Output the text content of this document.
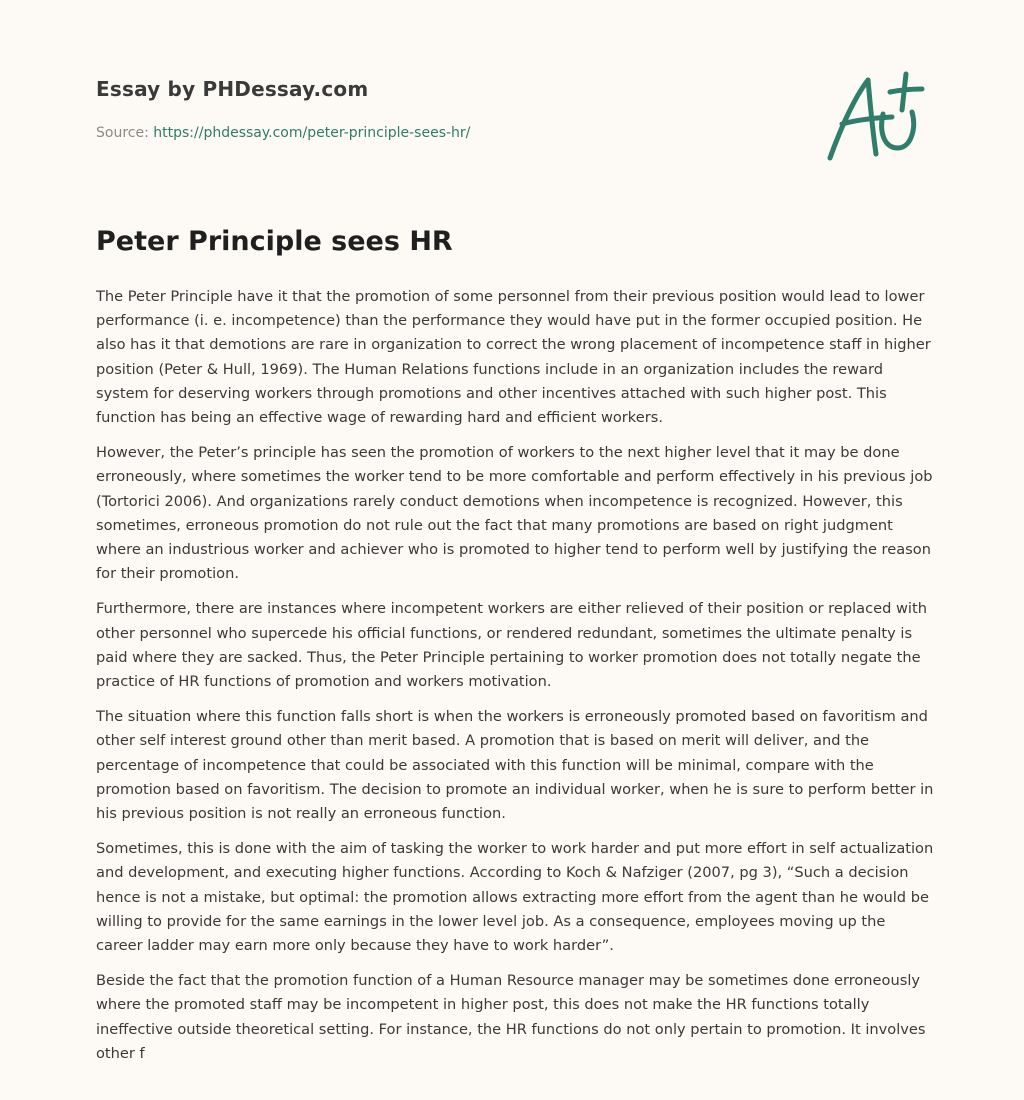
Essay by PHDessay.com

Source: https://phdessay.com/peter-principle-sees-hr/

Peter Principle sees HR

The Peter Principle have it that the promotion of some personnel from their previous position would lead to lower performance (i. e. incompetence) than the performance they would have put in the former occupied position. He also has it that demotions are rare in organization to correct the wrong placement of incompetence staff in higher position (Peter & Hull, 1969). The Human Relations functions include in an organization includes the reward system for deserving workers through promotions and other incentives attached with such higher post. This function has being an effective wage of rewarding hard and efficient workers.

However, the Peter’s principle has seen the promotion of workers to the next higher level that it may be done erroneously, where sometimes the worker tend to be more comfortable and perform effectively in his previous job (Tortorici 2006). And organizations rarely conduct demotions when incompetence is recognized. However, this sometimes, erroneous promotion do not rule out the fact that many promotions are based on right judgment where an industrious worker and achiever who is promoted to higher tend to perform well by justifying the reason for their promotion.

Furthermore, there are instances where incompetent workers are either relieved of their position or replaced with other personnel who supercede his official functions, or rendered redundant, sometimes the ultimate penalty is paid where they are sacked. Thus, the Peter Principle pertaining to worker promotion does not totally negate the practice of HR functions of promotion and workers motivation.

The situation where this function falls short is when the workers is erroneously promoted based on favoritism and other self interest ground other than merit based. A promotion that is based on merit will deliver, and the percentage of incompetence that could be associated with this function will be minimal, compare with the promotion based on favoritism. The decision to promote an individual worker, when he is sure to perform better in his previous position is not really an erroneous function.

Sometimes, this is done with the aim of tasking the worker to work harder and put more effort in self actualization and development, and executing higher functions. According to Koch & Nafziger (2007, pg 3), “Such a decision hence is not a mistake, but optimal: the promotion allows extracting more effort from the agent than he would be willing to provide for the same earnings in the lower level job. As a consequence, employees moving up the career ladder may earn more only because they have to work harder”.

Beside the fact that the promotion function of a Human Resource manager may be sometimes done erroneously where the promoted staff may be incompetent in higher post, this does not make the HR functions totally ineffective outside theoretical setting. For instance, the HR functions do not only pertain to promotion. It involves other f
